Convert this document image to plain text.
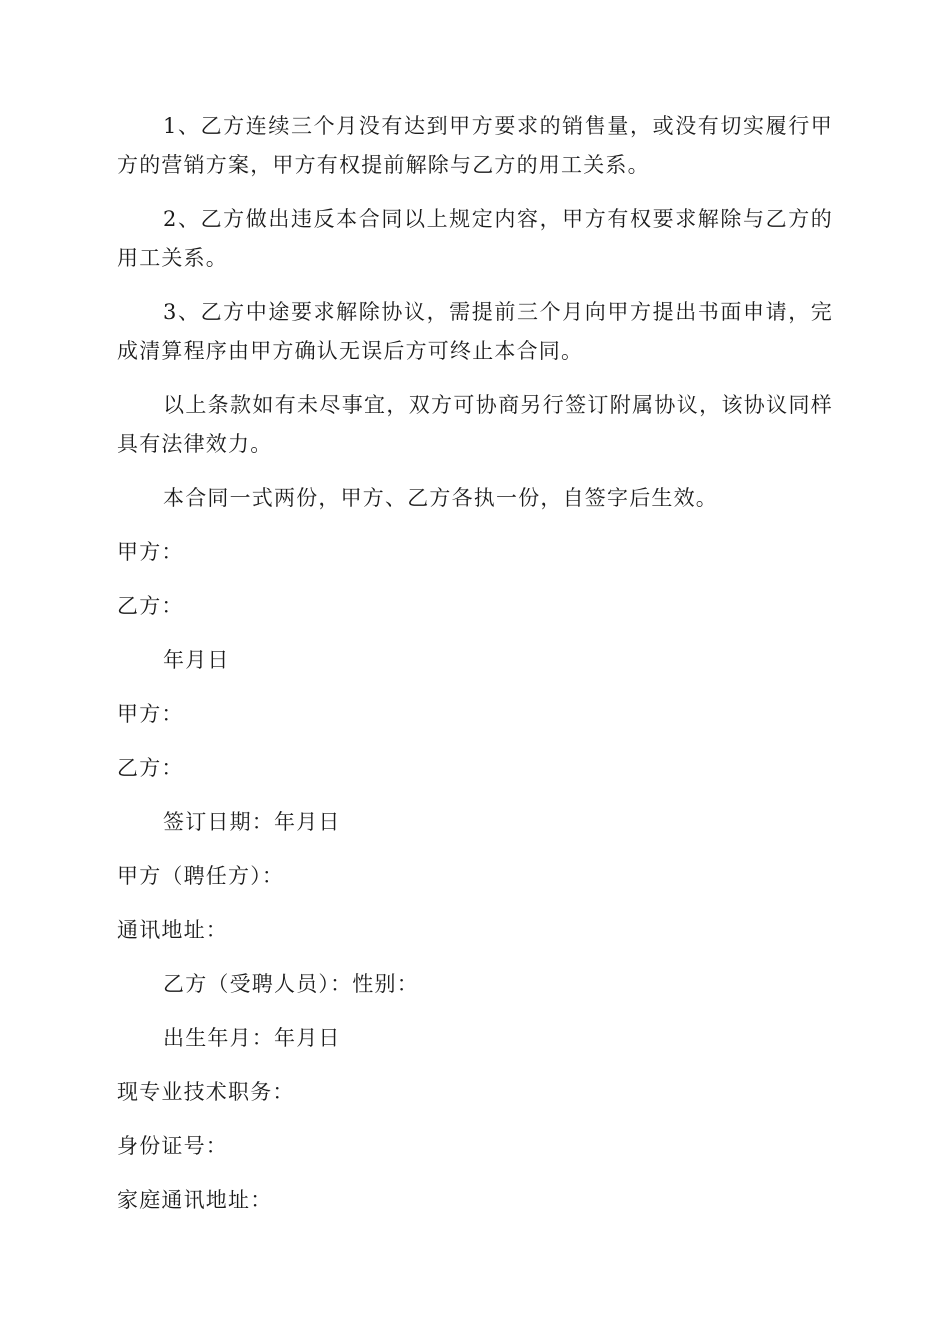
1、乙方连续三个月没有达到甲方要求的销售量，或没有切实履行甲方的营销方案，甲方有权提前解除与乙方的用工关系。

2、乙方做出违反本合同以上规定内容，甲方有权要求解除与乙方的用工关系。

3、乙方中途要求解除协议，需提前三个月向甲方提出书面申请，完成清算程序由甲方确认无误后方可终止本合同。

以上条款如有未尽事宜，双方可协商另行签订附属协议，该协议同样具有法律效力。

本合同一式两份，甲方、乙方各执一份，自签字后生效。

甲方：

乙方：

年月日

甲方：

乙方：

签订日期：年月日

甲方（聘任方）：

通讯地址：

乙方（受聘人员）：性别：

出生年月：年月日

现专业技术职务：

身份证号：

家庭通讯地址：
